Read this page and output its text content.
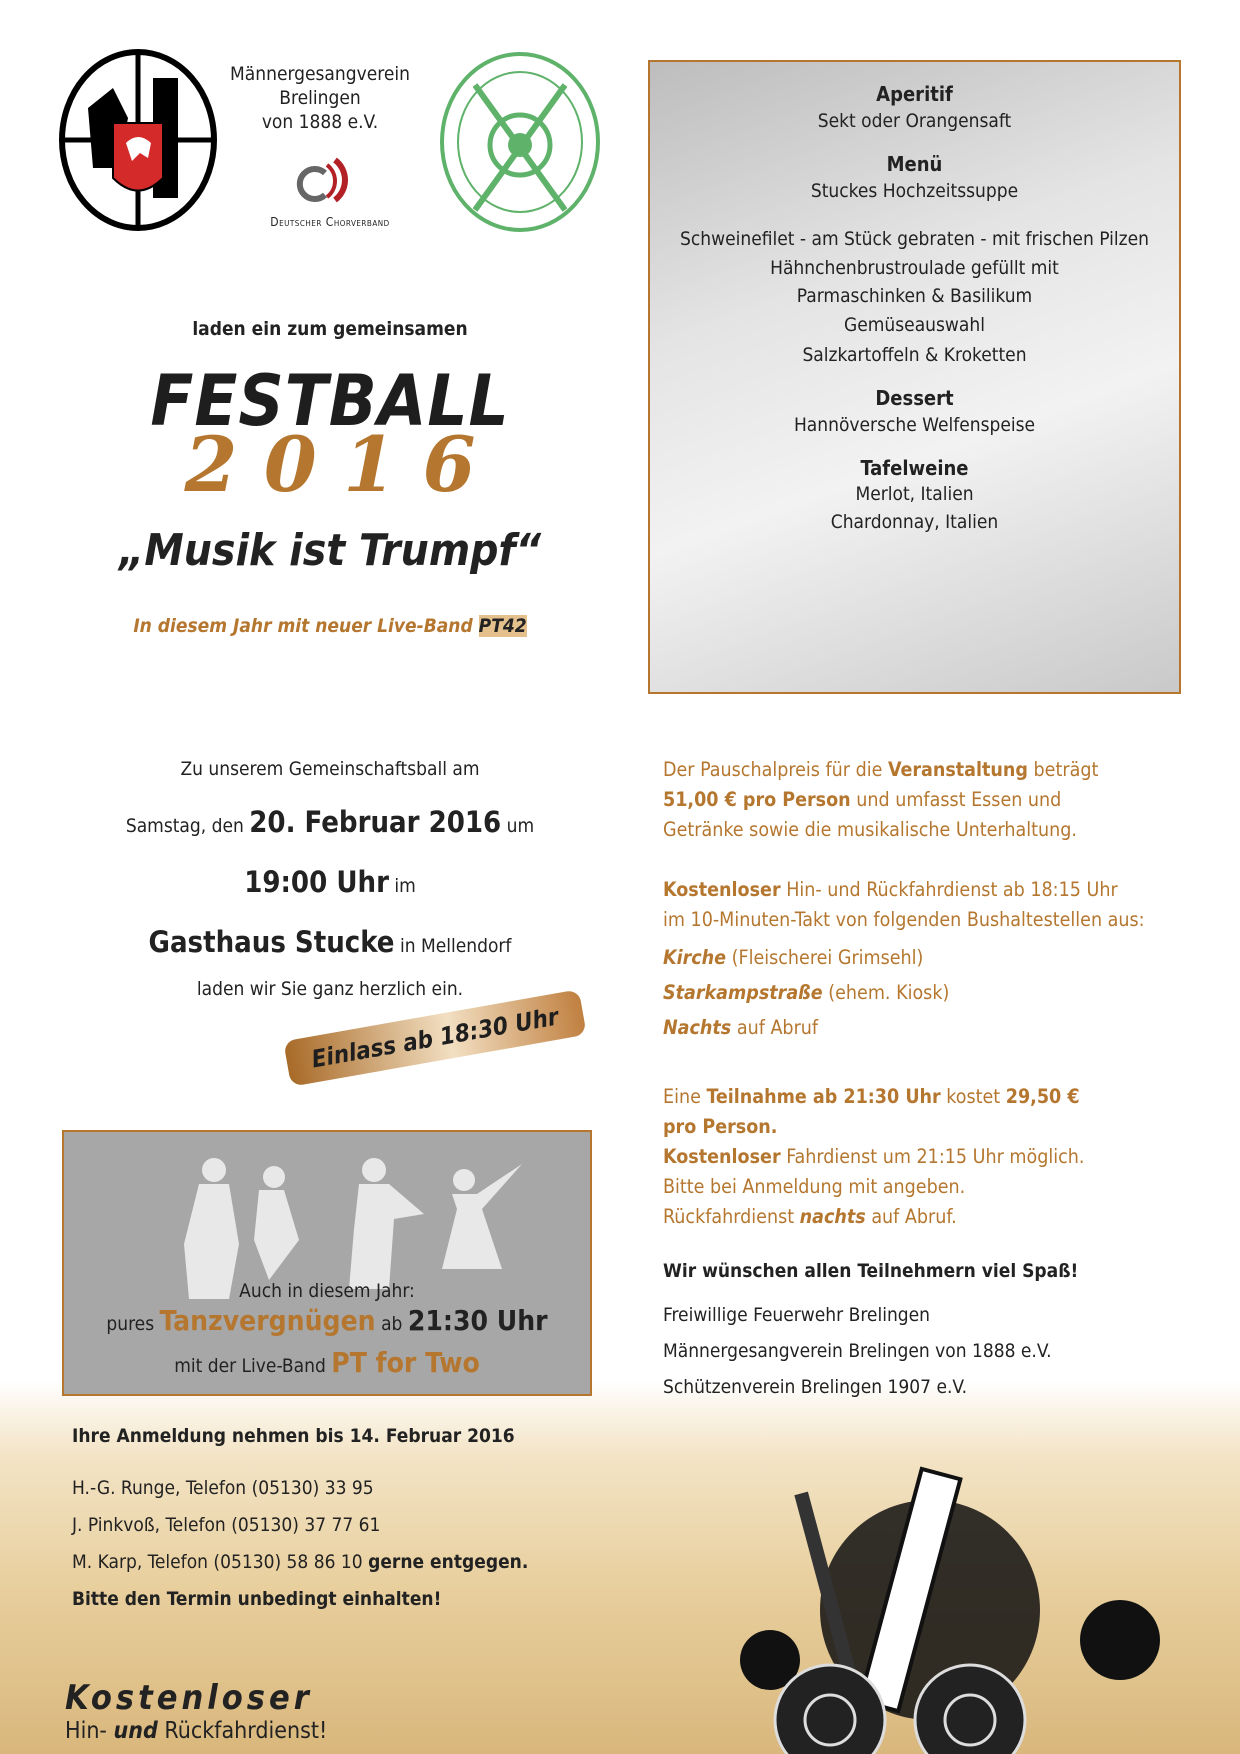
Männergesangverein
Brelingen
von 1888 e.V.
Deutscher Chorverband
laden ein zum gemeinsamen
FESTBALL
2 0 1 6
„Musik ist Trumpf“
In diesem Jahr mit neuer Live-Band PT42
Aperitif
Sekt oder Orangensaft
Menü
Stuckes Hochzeitssuppe
Schweinefilet - am Stück gebraten - mit frischen Pilzen
Hähnchenbrustroulade gefüllt mit
Parmaschinken & Basilikum
Gemüseauswahl
Salzkartoffeln & Kroketten
Dessert
Hannöversche Welfenspeise
Tafelweine
Merlot, Italien
Chardonnay, Italien
Zu unserem Gemeinschaftsball am
Samstag, den 20. Februar 2016 um
19:00 Uhr im
Gasthaus Stucke in Mellendorf
laden wir Sie ganz herzlich ein.
Einlass ab 18:30 Uhr
Auch in diesem Jahr:
pures Tanzvergnügen ab 21:30 Uhr
mit der Live-Band PT for Two
Der Pauschalpreis für die Veranstaltung beträgt
51,00 € pro Person und umfasst Essen und
Getränke sowie die musikalische Unterhaltung.
Kostenloser Hin- und Rückfahrdienst ab 18:15 Uhr
im 10-Minuten-Takt von folgenden Bushaltestellen aus:
Kirche (Fleischerei Grimsehl)
Starkampstraße (ehem. Kiosk)
Nachts auf Abruf
Eine Teilnahme ab 21:30 Uhr kostet 29,50 €
pro Person.
Kostenloser Fahrdienst um 21:15 Uhr möglich.
Bitte bei Anmeldung mit angeben.
Rückfahrdienst nachts auf Abruf.
Wir wünschen allen Teilnehmern viel Spaß!
Freiwillige Feuerwehr Brelingen
Männergesangverein Brelingen von 1888 e.V.
Schützenverein Brelingen 1907 e.V.
Ihre Anmeldung nehmen bis 14. Februar 2016
H.-G. Runge, Telefon (05130) 33 95
J. Pinkvoß, Telefon (05130) 37 77 61
M. Karp, Telefon (05130) 58 86 10 gerne entgegen.
Bitte den Termin unbedingt einhalten!
Kostenloser
Hin- und Rückfahrdienst!
